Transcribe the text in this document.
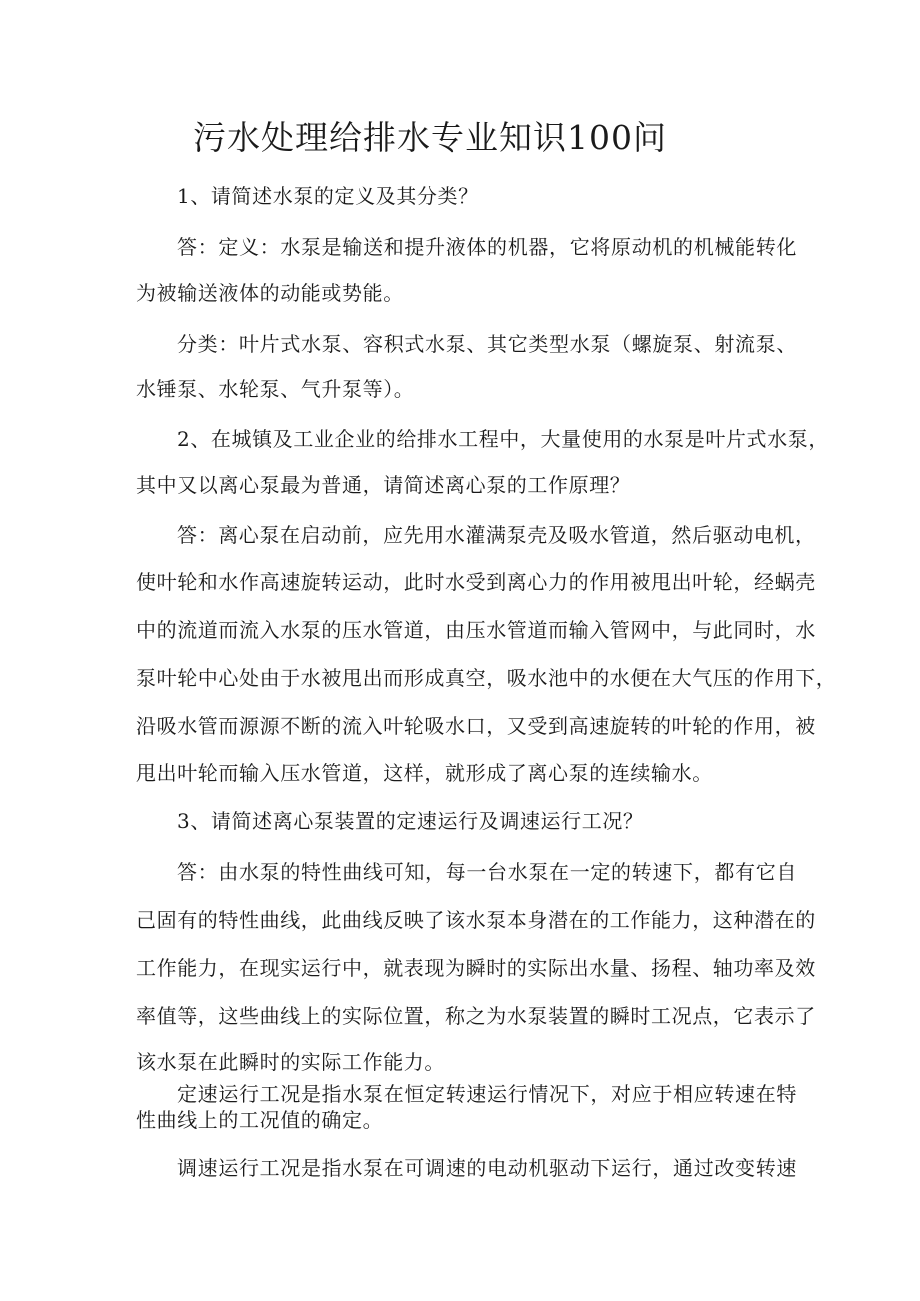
污水处理给排水专业知识100问

1、请简述水泵的定义及其分类？

答：定义：水泵是输送和提升液体的机器，它将原动机的机械能转化

为被输送液体的动能或势能。

分类：叶片式水泵、容积式水泵、其它类型水泵（螺旋泵、射流泵、

水锤泵、水轮泵、气升泵等）。

2、在城镇及工业企业的给排水工程中，大量使用的水泵是叶片式水泵，

其中又以离心泵最为普通，请简述离心泵的工作原理？

答：离心泵在启动前，应先用水灌满泵壳及吸水管道，然后驱动电机，

使叶轮和水作高速旋转运动，此时水受到离心力的作用被甩出叶轮，经蜗壳

中的流道而流入水泵的压水管道，由压水管道而输入管网中，与此同时，水

泵叶轮中心处由于水被甩出而形成真空，吸水池中的水便在大气压的作用下，

沿吸水管而源源不断的流入叶轮吸水口，又受到高速旋转的叶轮的作用，被

甩出叶轮而输入压水管道，这样，就形成了离心泵的连续输水。

3、请简述离心泵装置的定速运行及调速运行工况？

答：由水泵的特性曲线可知，每一台水泵在一定的转速下，都有它自

己固有的特性曲线，此曲线反映了该水泵本身潜在的工作能力，这种潜在的

工作能力，在现实运行中，就表现为瞬时的实际出水量、扬程、轴功率及效

率值等，这些曲线上的实际位置，称之为水泵装置的瞬时工况点，它表示了

该水泵在此瞬时的实际工作能力。

定速运行工况是指水泵在恒定转速运行情况下，对应于相应转速在特

性曲线上的工况值的确定。

调速运行工况是指水泵在可调速的电动机驱动下运行，通过改变转速
